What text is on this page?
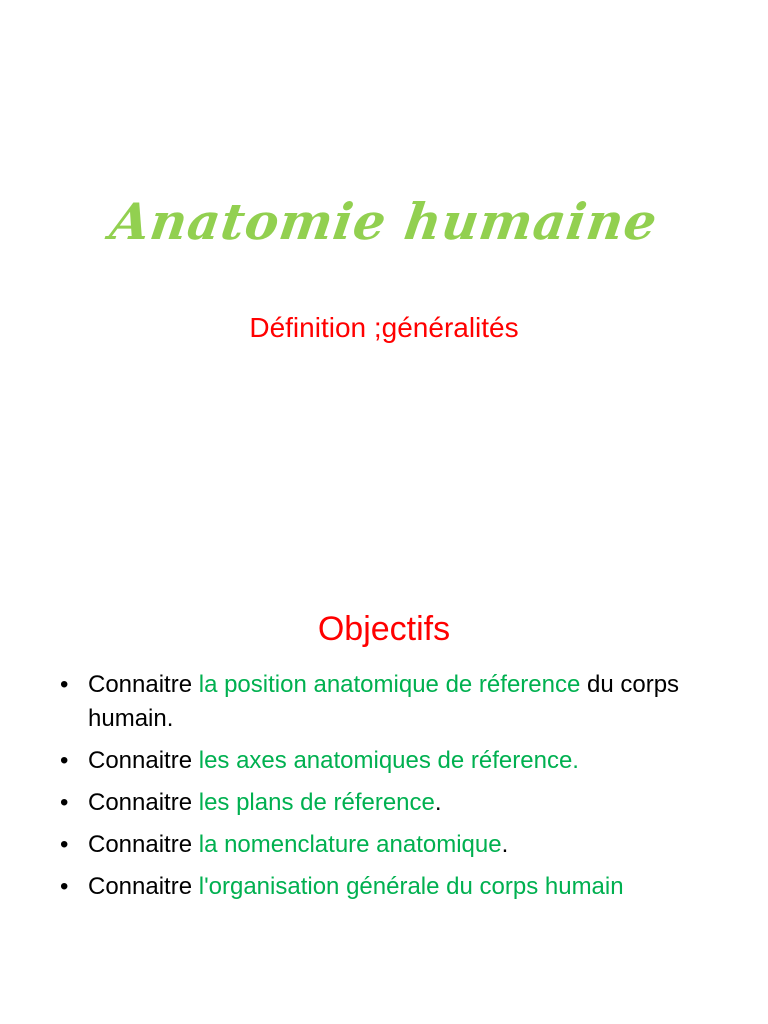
Anatomie humaine
Définition ;généralités
Objectifs
• Connaitre la position anatomique de réference du corps humain.
• Connaitre les axes anatomiques de réference.
• Connaitre les plans de réference.
• Connaitre la nomenclature anatomique.
• Connaitre l'organisation générale du corps humain
